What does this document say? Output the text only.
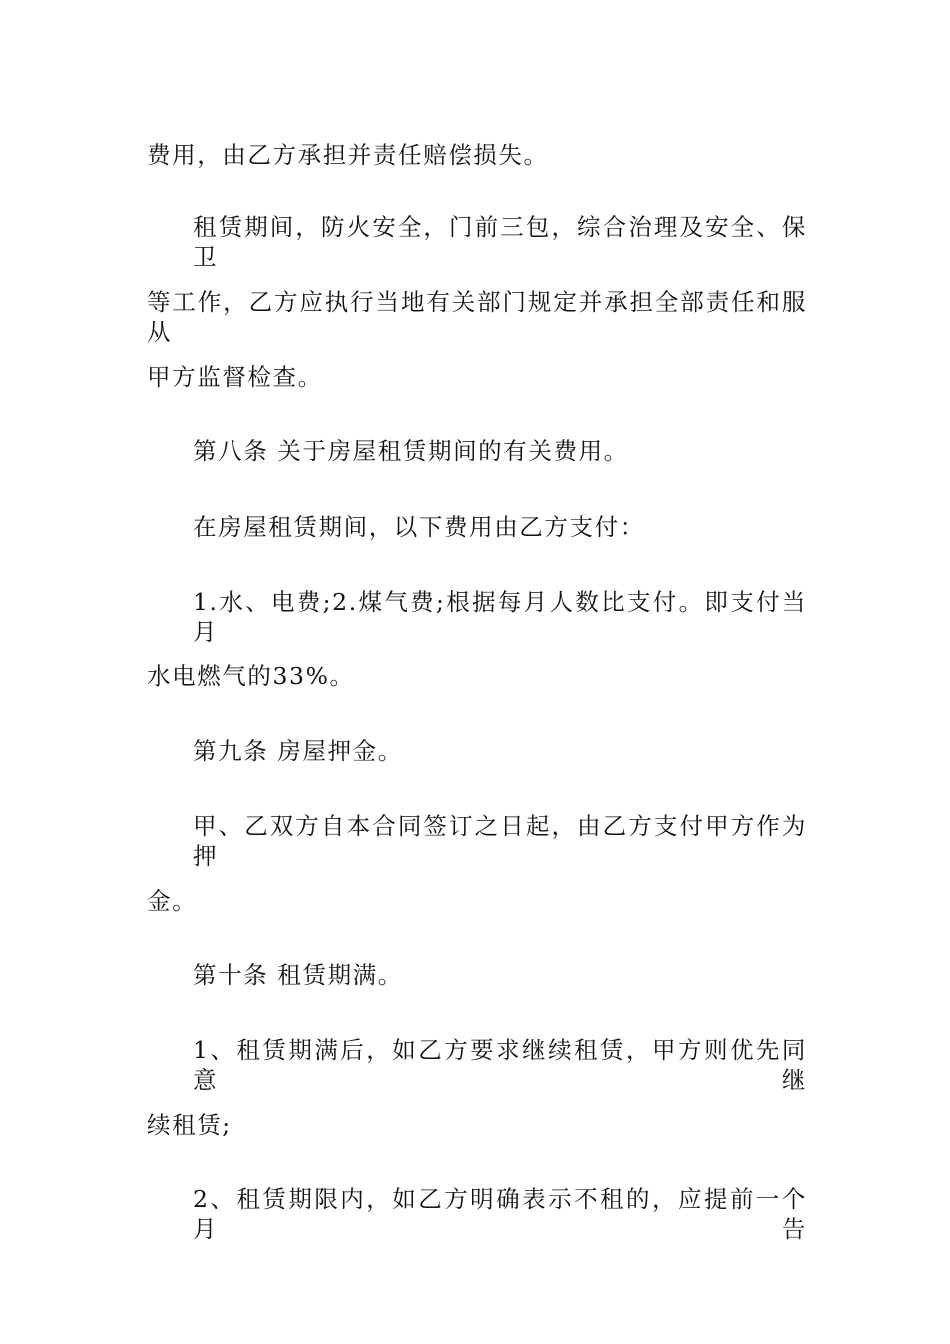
费用，由乙方承担并责任赔偿损失。
租赁期间，防火安全，门前三包，综合治理及安全、保卫
等工作，乙方应执行当地有关部门规定并承担全部责任和服从
甲方监督检查。
第八条 关于房屋租赁期间的有关费用。
在房屋租赁期间，以下费用由乙方支付：
1.水、电费;2.煤气费;根据每月人数比支付。即支付当月
水电燃气的33%。
第九条 房屋押金。
甲、乙双方自本合同签订之日起，由乙方支付甲方作为押
金。
第十条 租赁期满。
1、租赁期满后，如乙方要求继续租赁，甲方则优先同意继
续租赁;
2、租赁期限内，如乙方明确表示不租的，应提前一个月告
